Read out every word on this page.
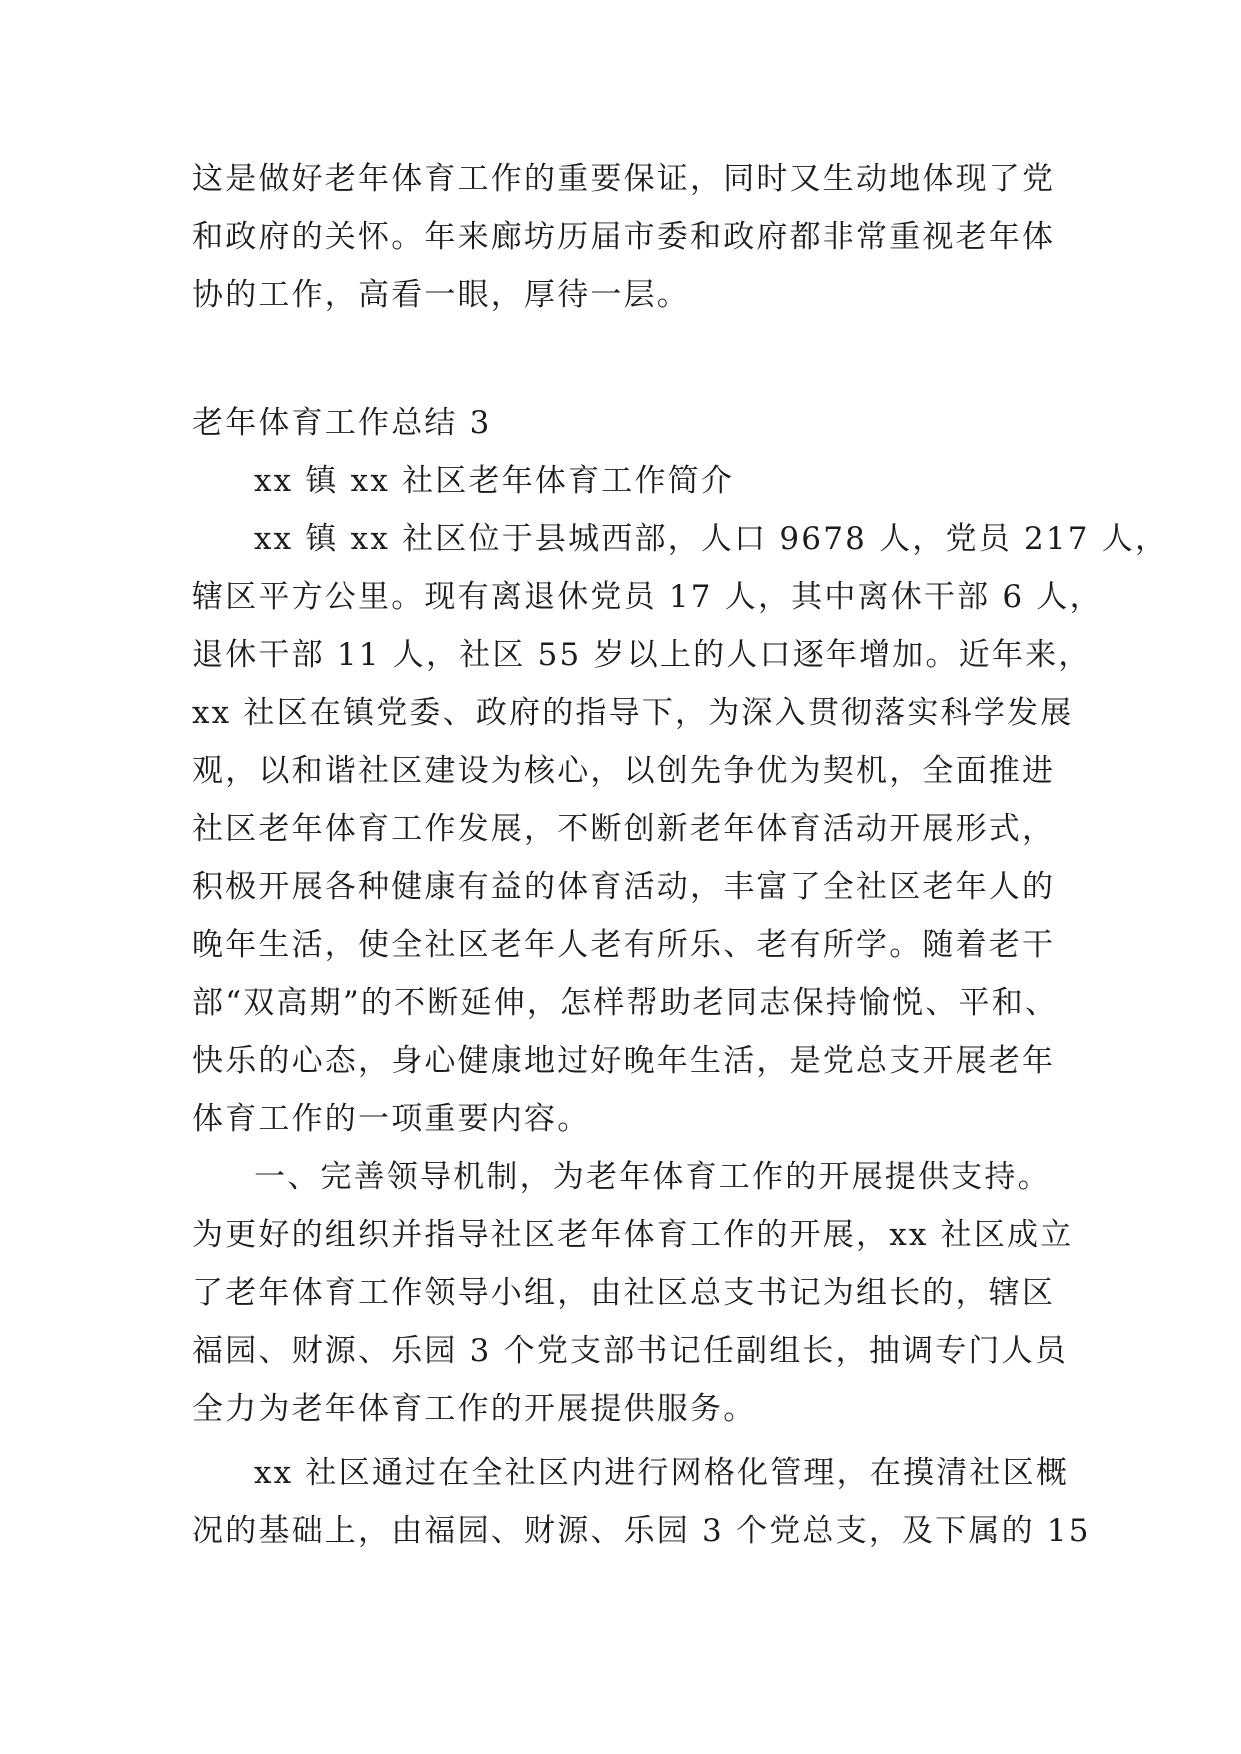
这是做好老年体育工作的重要保证，同时又生动地体现了党
和政府的关怀。年来廊坊历届市委和政府都非常重视老年体
协的工作，高看一眼，厚待一层。
老年体育工作总结 3
xx 镇 xx 社区老年体育工作简介
xx 镇 xx 社区位于县城西部，人口 9678 人，党员 217 人，
辖区平方公里。现有离退休党员 17 人，其中离休干部 6 人，
退休干部 11 人，社区 55 岁以上的人口逐年增加。近年来，
xx 社区在镇党委、政府的指导下，为深入贯彻落实科学发展
观，以和谐社区建设为核心，以创先争优为契机，全面推进
社区老年体育工作发展，不断创新老年体育活动开展形式，
积极开展各种健康有益的体育活动，丰富了全社区老年人的
晚年生活，使全社区老年人老有所乐、老有所学。随着老干
部“双高期”的不断延伸，怎样帮助老同志保持愉悦、平和、
快乐的心态，身心健康地过好晚年生活，是党总支开展老年
体育工作的一项重要内容。
一、完善领导机制，为老年体育工作的开展提供支持。
为更好的组织并指导社区老年体育工作的开展，xx 社区成立
了老年体育工作领导小组，由社区总支书记为组长的，辖区
福园、财源、乐园 3 个党支部书记任副组长，抽调专门人员
全力为老年体育工作的开展提供服务。
xx 社区通过在全社区内进行网格化管理，在摸清社区概
况的基础上，由福园、财源、乐园 3 个党总支，及下属的 15
